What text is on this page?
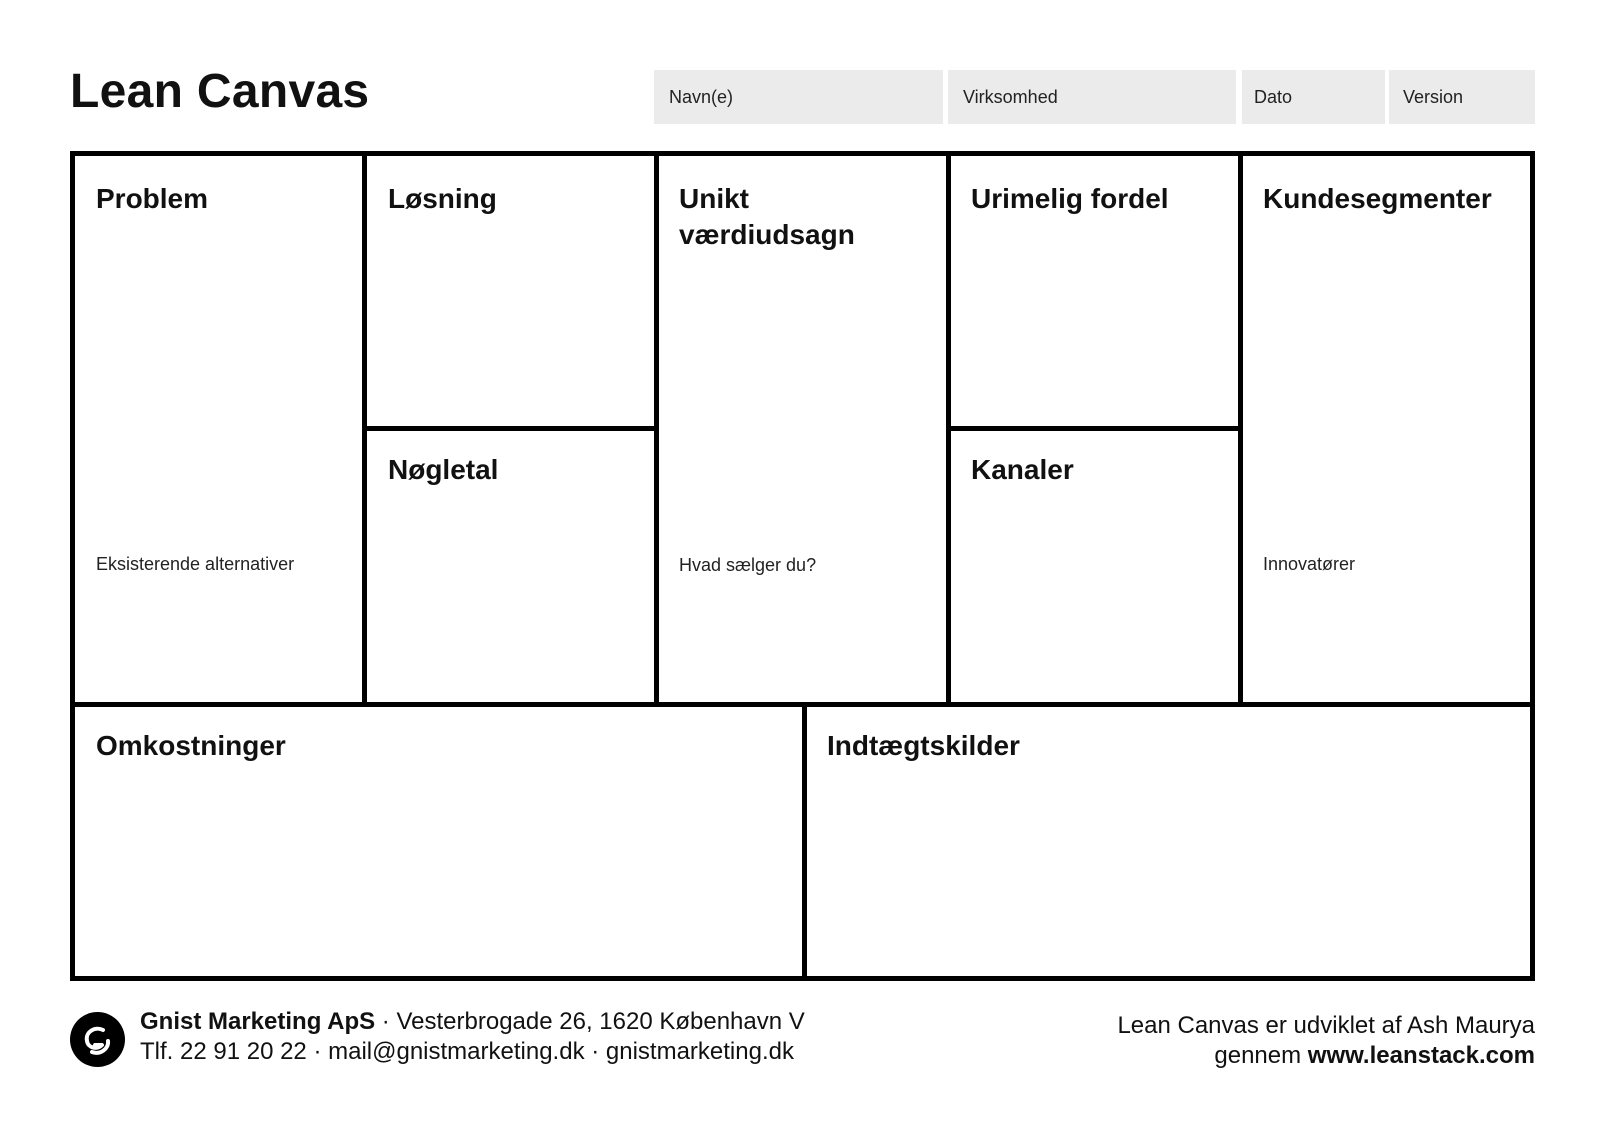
Lean Canvas	Navn(e)	Virksomhed	Dato	Version
Problem
Eksisterende alternativer
Løsning
Nøgletal
Unikt
værdiudsagn
Hvad sælger du?
Urimelig fordel
Kanaler
Kundesegmenter
Innovatører
Omkostninger	Indtægtskilder
Gnist Marketing ApS · Vesterbrogade 26, 1620 København V
Tlf. 22 91 20 22 · mail@gnistmarketing.dk · gnistmarketing.dk
Lean Canvas er udviklet af Ash Maurya
gennem www.leanstack.com
